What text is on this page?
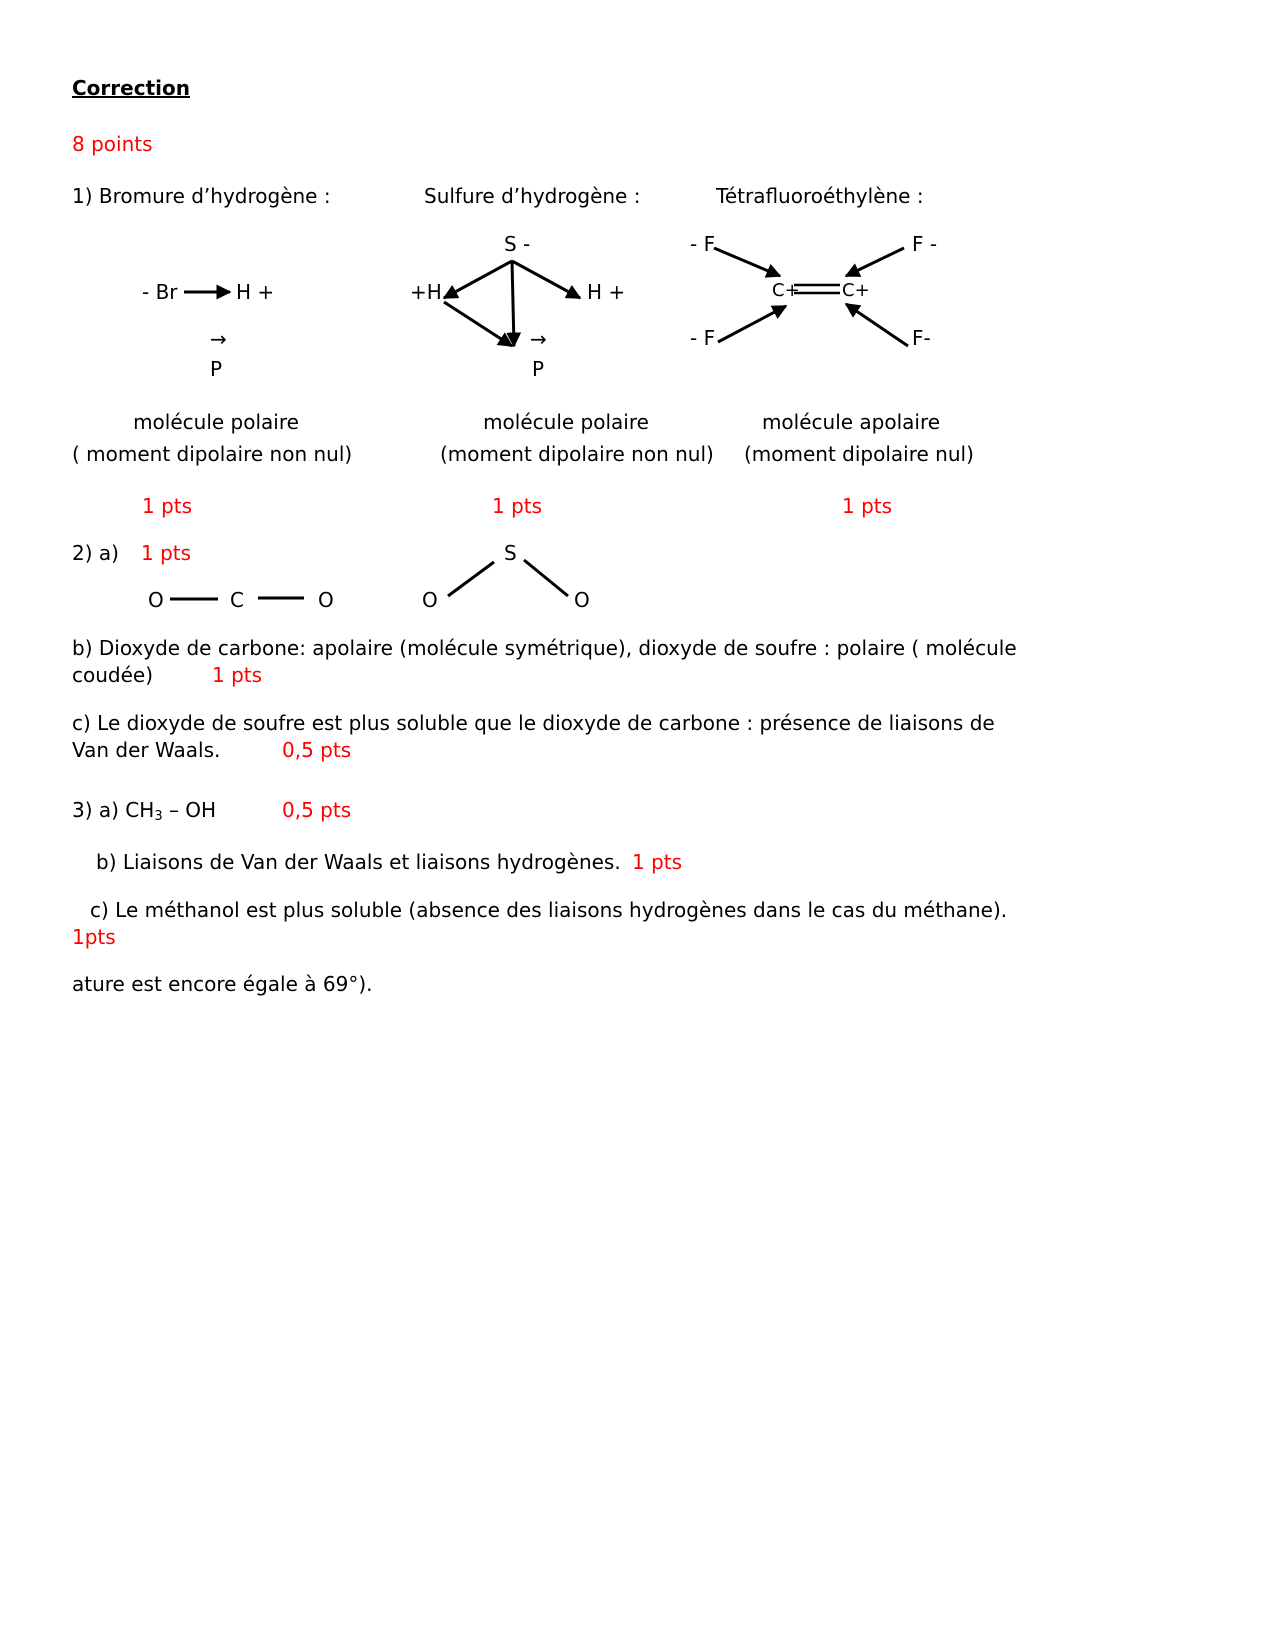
Correction
8 points
1) Bromure d’hydrogène :	Sulfure d’hydrogène :	Tétrafluoroéthylène :
- Br	H +
→
P
S -
+H	H +
→
P
- F	F -
- F	F-
C+ C+
molécule polaire
( moment dipolaire non nul)
1 pts
molécule polaire
(moment dipolaire non nul)
1 pts
molécule apolaire
(moment dipolaire nul)
1 pts
2) a) 1 pts
O	C	O
S
O	O
b) Dioxyde de carbone: apolaire (molécule symétrique), dioxyde de soufre : polaire ( molécule
coudée)	1 pts
c) Le dioxyde de soufre est plus soluble que le dioxyde de carbone : présence de liaisons de
Van der Waals.	0,5 pts
3) a) $CH_3$ – OH	0,5 pts
b) Liaisons de Van der Waals et liaisons hydrogènes. 1 pts
c) Le méthanol est plus soluble (absence des liaisons hydrogènes dans le cas du méthane).
1pts
ature est encore égale à 69°).
